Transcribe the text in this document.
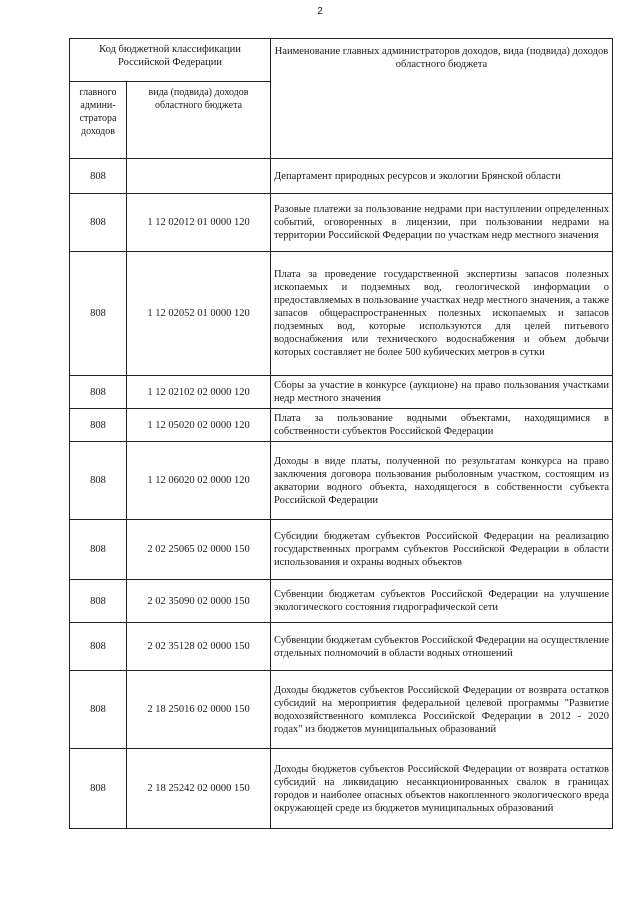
2
Код бюджетной классификации Российской Федерации		Наименование главных администраторов доходов, вида (подвида) доходов областного бюджета
главного админи-стратора доходов	вида (подвида) доходов областного бюджета	
808		Департамент природных ресурсов и экологии Брянской области
808	1 12 02012 01 0000 120	Разовые платежи за пользование недрами при наступлении определенных событий, оговоренных в лицензии, при пользовании недрами на территории Российской Федерации по участкам недр местного значения
808	1 12 02052 01 0000 120	Плата за проведение государственной экспертизы запасов полезных ископаемых и подземных вод, геологической информации о предоставляемых в пользование участках недр местного значения, а также запасов общераспространенных полезных ископаемых и запасов подземных вод, которые используются для целей питьевого водоснабжения или технического водоснабжения и объем добычи которых составляет не более 500 кубических метров в сутки
808	1 12 02102 02 0000 120	Сборы за участие в конкурсе (аукционе) на право пользования участками недр местного значения
808	1 12 05020 02 0000 120	Плата за пользование водными объектами, находящимися в собственности субъектов Российской Федерации
808	1 12 06020 02 0000 120	Доходы в виде платы, полученной по результатам конкурса на право заключения договора пользования рыболовным участком, состоящим из акватории водного объекта, находящегося в собственности субъекта Российской Федерации
808	2 02 25065 02 0000 150	Субсидии бюджетам субъектов Российской Федерации на реализацию государственных программ субъектов Российской Федерации в области использования и охраны водных объектов
808	2 02 35090 02 0000 150	Субвенции бюджетам субъектов Российской Федерации на улучшение экологического состояния гидрографической сети
808	2 02 35128 02 0000 150	Субвенции бюджетам субъектов Российской Федерации на осуществление отдельных полномочий в области водных отношений
808	2 18 25016 02 0000 150	Доходы бюджетов субъектов Российской Федерации от возврата остатков субсидий на мероприятия федеральной целевой программы "Развитие водохозяйственного комплекса Российской Федерации в 2012 - 2020 годах" из бюджетов муниципальных образований
808	2 18 25242 02 0000 150	Доходы бюджетов субъектов Российской Федерации от возврата остатков субсидий на ликвидацию несанкционированных свалок в границах городов и наиболее опасных объектов накопленного экологического вреда окружающей среде из бюджетов муниципальных образований
